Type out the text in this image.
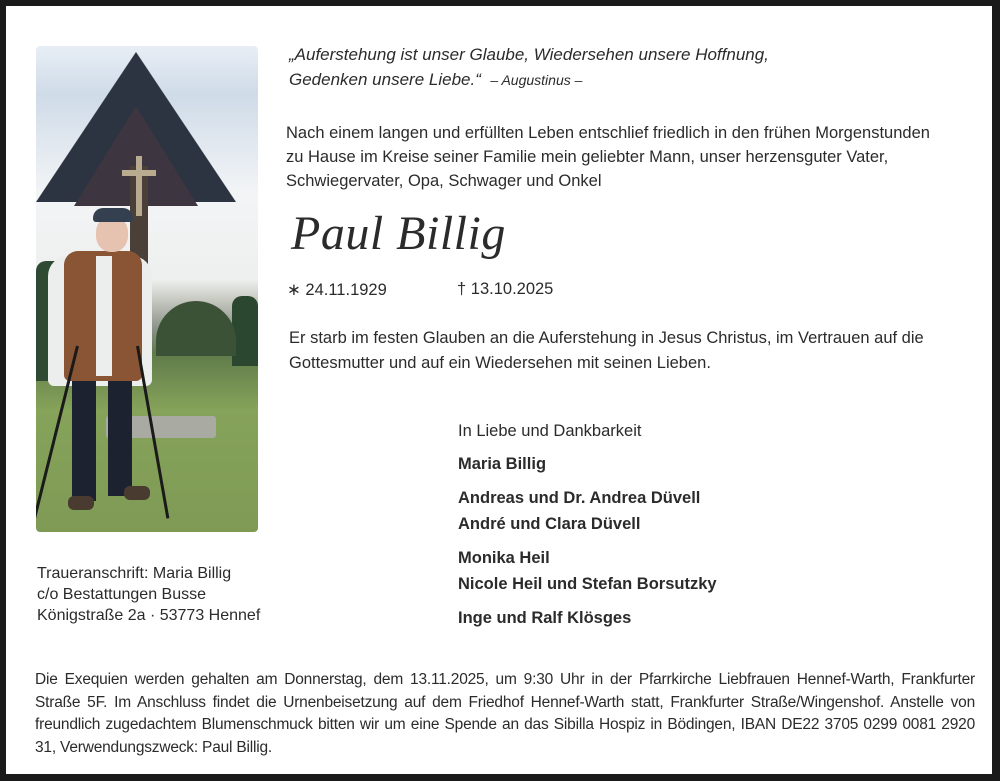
„Auferstehung ist unser Glaube, Wiedersehen unsere Hoffnung,
Gedenken unsere Liebe.“ – Augustinus –
Nach einem langen und erfüllten Leben entschlief friedlich in den frühen Morgenstunden
zu Hause im Kreise seiner Familie mein geliebter Mann, unser herzensguter Vater,
Schwiegervater, Opa, Schwager und Onkel
Paul Billig
∗ 24.11.1929	† 13.10.2025
Er starb im festen Glauben an die Auferstehung in Jesus Christus, im Vertrauen auf die
Gottesmutter und auf ein Wiedersehen mit seinen Lieben.
In Liebe und Dankbarkeit
Maria Billig
Andreas und Dr. Andrea Düvell
André und Clara Düvell
Monika Heil
Nicole Heil und Stefan Borsutzky
Inge und Ralf Klösges
Traueranschrift: Maria Billig
c/o Bestattungen Busse
Königstraße 2a · 53773 Hennef
Die Exequien werden gehalten am Donnerstag, dem 13.11.2025, um 9:30 Uhr in der Pfarrkirche Liebfrauen Hennef-Warth, Frankfurter Straße 5F. Im Anschluss findet die Urnenbeisetzung auf dem Friedhof Hennef-Warth statt, Frankfurter Straße/Wingenshof. Anstelle von freundlich zugedachtem Blumenschmuck bitten wir um eine Spende an das Sibilla Hospiz in Bödingen, IBAN DE22 3705 0299 0081 2920 31, Verwendungszweck: Paul Billig.
